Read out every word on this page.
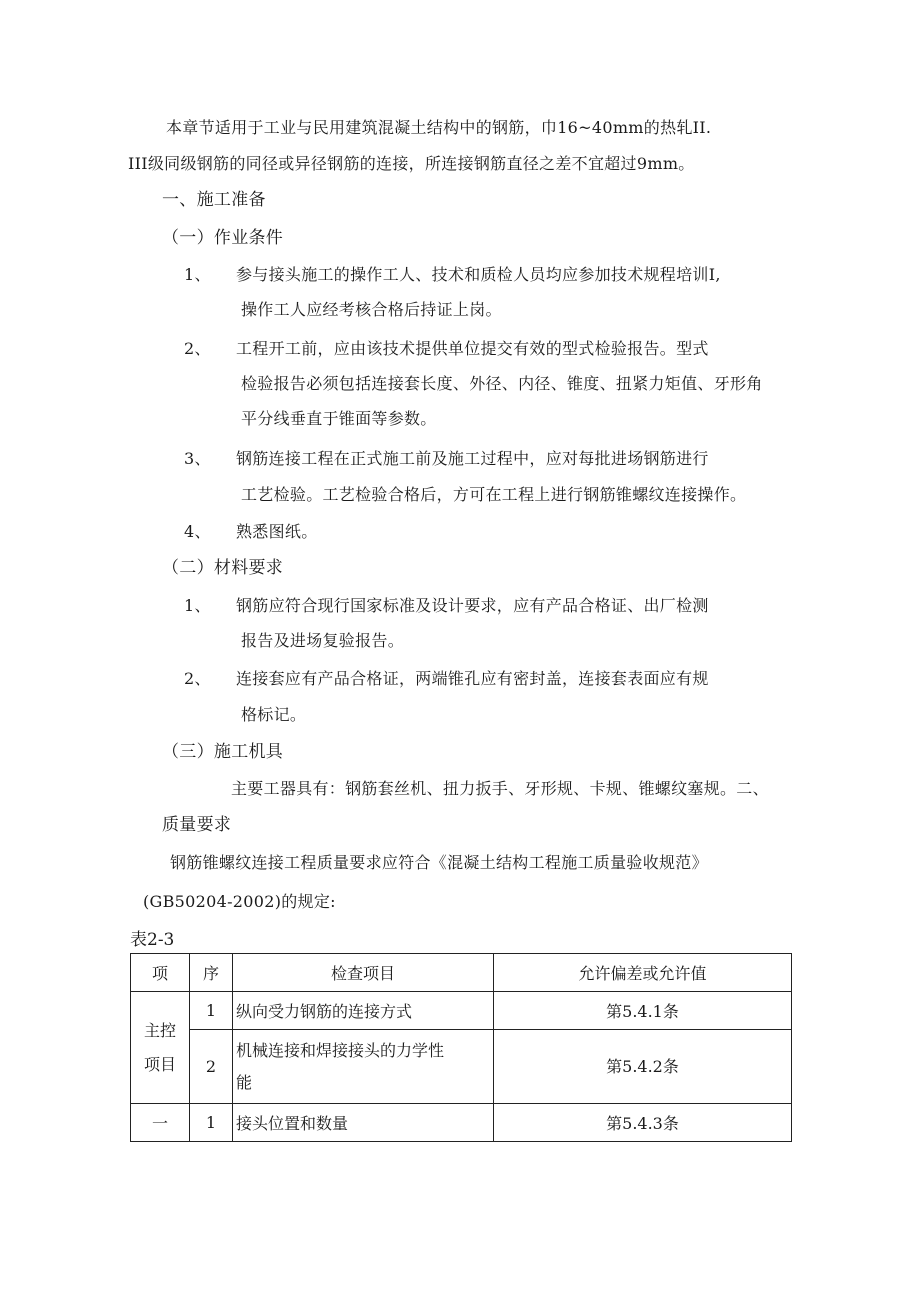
本章节适用于工业与民用建筑混凝土结构中的钢筋，巾16~40mm的热轧II.
III级同级钢筋的同径或异径钢筋的连接，所连接钢筋直径之差不宜超过9mm。
一、施工准备
（一）作业条件
1、 参与接头施工的操作工人、技术和质检人员均应参加技术规程培训I,
操作工人应经考核合格后持证上岗。
2、 工程开工前，应由该技术提供单位提交有效的型式检验报告。型式
检验报告必须包括连接套长度、外径、内径、锥度、扭紧力矩值、牙形角
平分线垂直于锥面等参数。
3、 钢筋连接工程在正式施工前及施工过程中，应对每批进场钢筋进行
工艺检验。工艺检验合格后，方可在工程上进行钢筋锥螺纹连接操作。
4、 熟悉图纸。
（二）材料要求
1、 钢筋应符合现行国家标准及设计要求，应有产品合格证、出厂检测
报告及进场复验报告。
2、 连接套应有产品合格证，两端锥孔应有密封盖，连接套表面应有规
格标记。
（三）施工机具
主要工器具有：钢筋套丝机、扭力扳手、牙形规、卡规、锥螺纹塞规。二、
质量要求
钢筋锥螺纹连接工程质量要求应符合《混凝土结构工程施工质量验收规范》
(GB50204-2002)的规定:
表2-3
项	序	检查项目	允许偏差或允许值

主控
项目	1	纵向受力钢筋的连接方式	第5.4.1条
	2	机械连接和焊接接头的力学性
能	第5.4.2条
一	1	接头位置和数量	第5.4.3条
